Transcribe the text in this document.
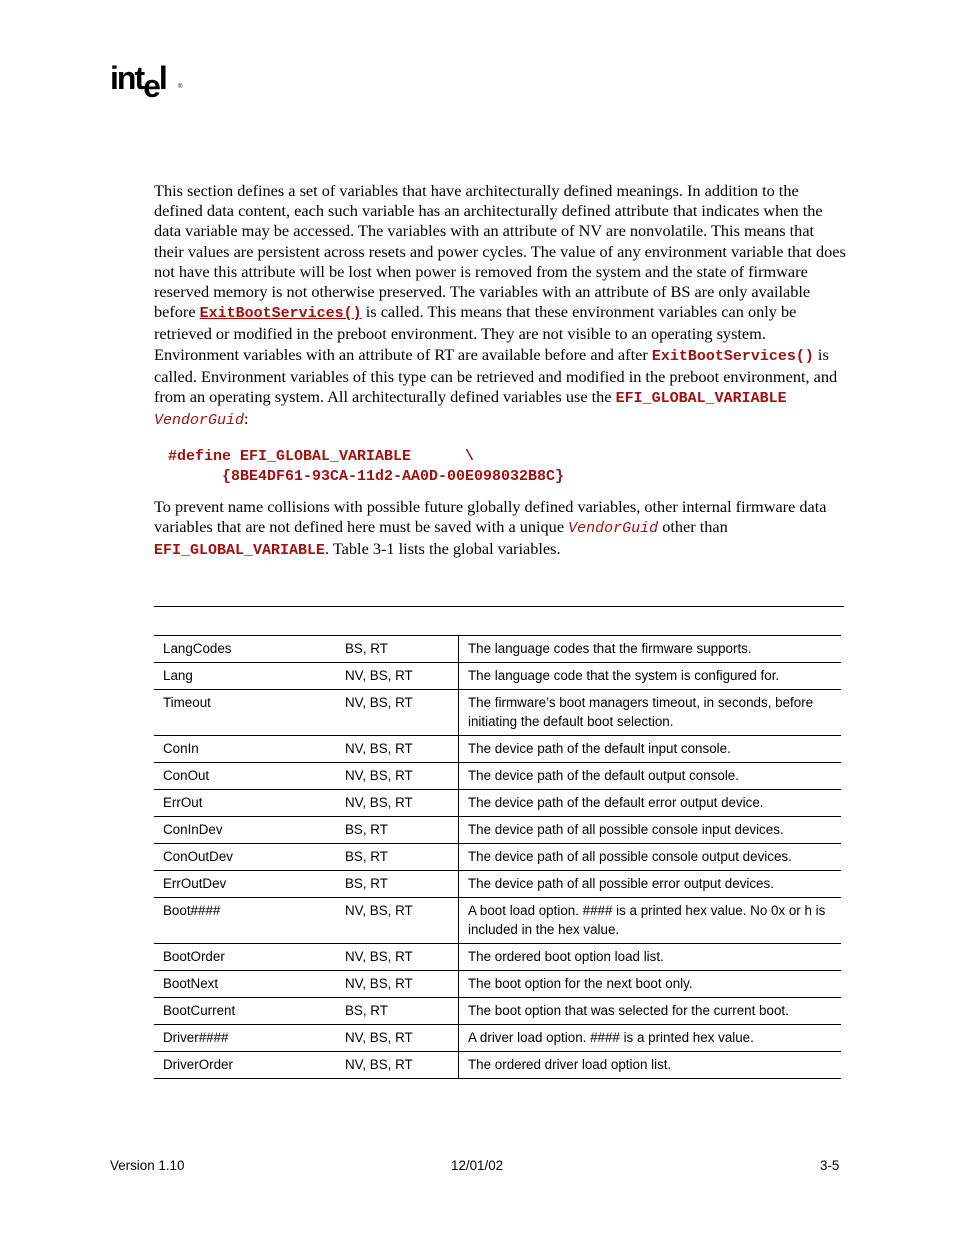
intel ®

This section defines a set of variables that have architecturally defined meanings. In addition to the defined data content, each such variable has an architecturally defined attribute that indicates when the data variable may be accessed. The variables with an attribute of NV are nonvolatile. This means that their values are persistent across resets and power cycles. The value of any environment variable that does not have this attribute will be lost when power is removed from the system and the state of firmware reserved memory is not otherwise preserved. The variables with an attribute of BS are only available before ExitBootServices() is called. This means that these environment variables can only be retrieved or modified in the preboot environment. They are not visible to an operating system. Environment variables with an attribute of RT are available before and after ExitBootServices() is called. Environment variables of this type can be retrieved and modified in the preboot environment, and from an operating system. All architecturally defined variables use the EFI_GLOBAL_VARIABLE VendorGuid:

#define EFI_GLOBAL_VARIABLE      \
{8BE4DF61-93CA-11d2-AA0D-00E098032B8C}

To prevent name collisions with possible future globally defined variables, other internal firmware data variables that are not defined here must be saved with a unique VendorGuid other than EFI_GLOBAL_VARIABLE. Table 3-1 lists the global variables.

LangCodes	BS, RT	The language codes that the firmware supports.
Lang	NV, BS, RT	The language code that the system is configured for.
Timeout	NV, BS, RT	The firmware’s boot managers timeout, in seconds, before initiating the default boot selection.
ConIn	NV, BS, RT	The device path of the default input console.
ConOut	NV, BS, RT	The device path of the default output console.
ErrOut	NV, BS, RT	The device path of the default error output device.
ConInDev	BS, RT	The device path of all possible console input devices.
ConOutDev	BS, RT	The device path of all possible console output devices.
ErrOutDev	BS, RT	The device path of all possible error output devices.
Boot####	NV, BS, RT	A boot load option. #### is a printed hex value. No 0x or h is included in the hex value.
BootOrder	NV, BS, RT	The ordered boot option load list.
BootNext	NV, BS, RT	The boot option for the next boot only.
BootCurrent	BS, RT	The boot option that was selected for the current boot.
Driver####	NV, BS, RT	A driver load option. #### is a printed hex value.
DriverOrder	NV, BS, RT	The ordered driver load option list.
Version 1.10	12/01/02	3-5
